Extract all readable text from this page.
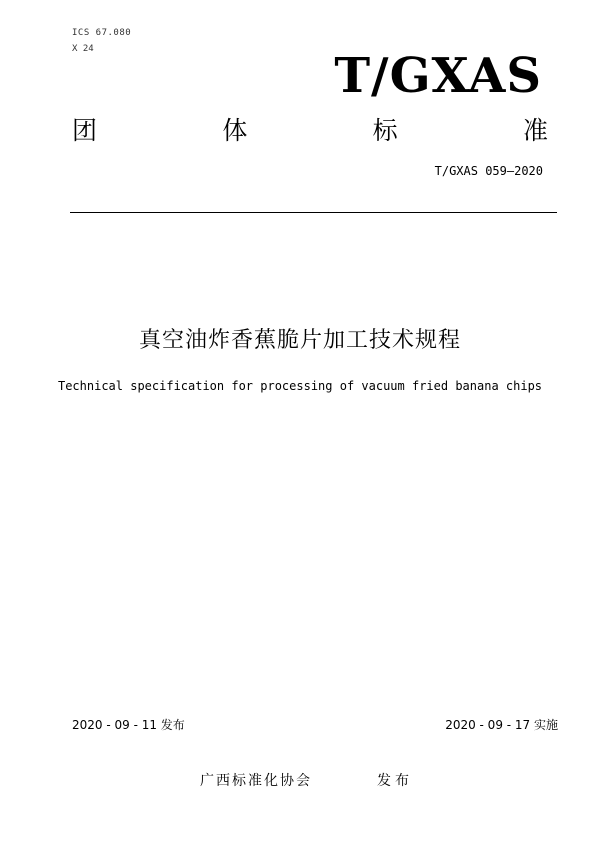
ICS 67.080
X 24	T/GXAS
团	体	标	准
T/GXAS 059—2020
真空油炸香蕉脆片加工技术规程
Technical specification for processing of vacuum fried banana chips
2020 - 09 - 11 发布	2020 - 09 - 17 实施
广西标准化协会	发布
